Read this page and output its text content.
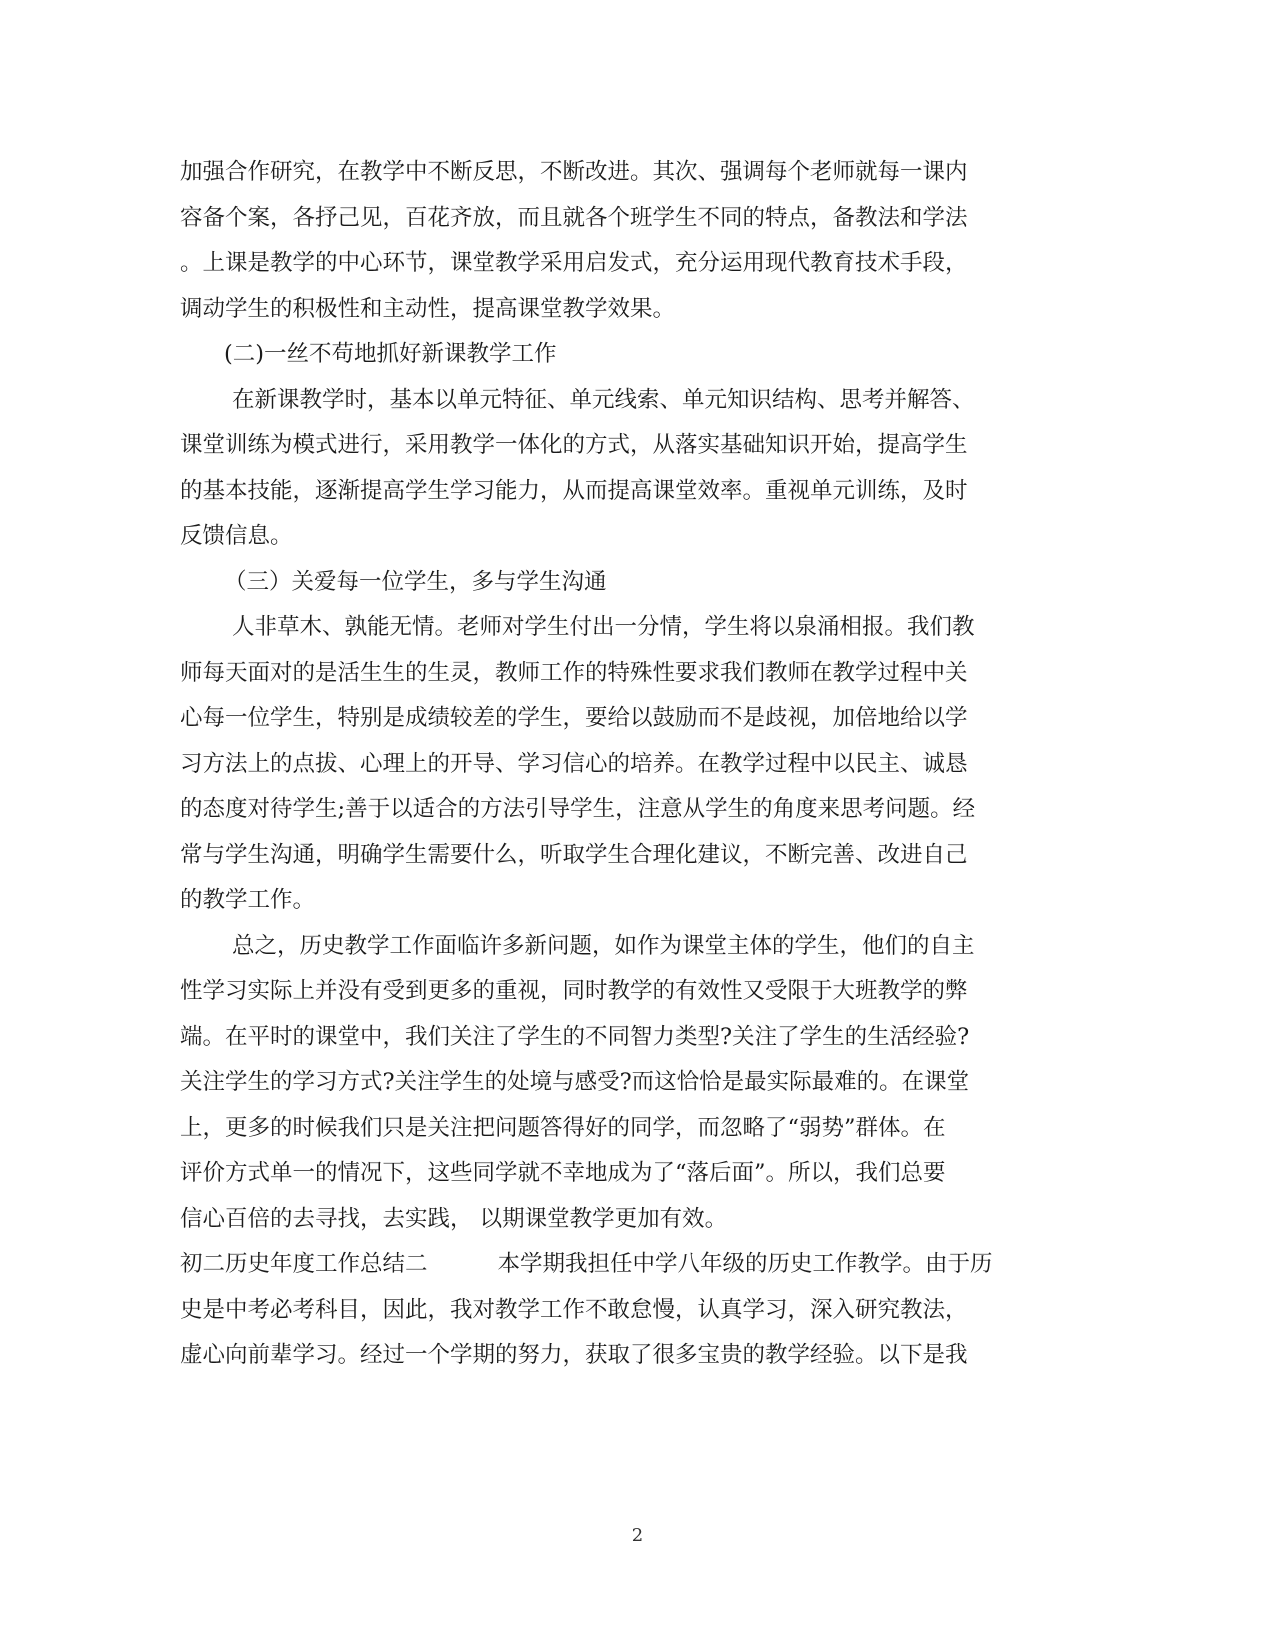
加强合作研究，在教学中不断反思，不断改进。其次、强调每个老师就每一课内
容备个案，各抒己见，百花齐放，而且就各个班学生不同的特点，备教法和学法
。上课是教学的中心环节，课堂教学采用启发式，充分运用现代教育技术手段，
调动学生的积极性和主动性，提高课堂教学效果。
(二)一丝不苟地抓好新课教学工作
在新课教学时，基本以单元特征、单元线索、单元知识结构、思考并解答、
课堂训练为模式进行，采用教学一体化的方式，从落实基础知识开始，提高学生
的基本技能，逐渐提高学生学习能力，从而提高课堂效率。重视单元训练，及时
反馈信息。
（三）关爱每一位学生，多与学生沟通
人非草木、孰能无情。老师对学生付出一分情，学生将以泉涌相报。我们教
师每天面对的是活生生的生灵，教师工作的特殊性要求我们教师在教学过程中关
心每一位学生，特别是成绩较差的学生，要给以鼓励而不是歧视，加倍地给以学
习方法上的点拔、心理上的开导、学习信心的培养。在教学过程中以民主、诚恳
的态度对待学生;善于以适合的方法引导学生，注意从学生的角度来思考问题。经
常与学生沟通，明确学生需要什么，听取学生合理化建议，不断完善、改进自己
的教学工作。
总之，历史教学工作面临许多新问题，如作为课堂主体的学生，他们的自主
性学习实际上并没有受到更多的重视，同时教学的有效性又受限于大班教学的弊
端。在平时的课堂中，我们关注了学生的不同智力类型?关注了学生的生活经验?
关注学生的学习方式?关注学生的处境与感受?而这恰恰是最实际最难的。在课堂
上，更多的时候我们只是关注把问题答得好的同学，而忽略了“弱势”群体。在
评价方式单一的情况下，这些同学就不幸地成为了“落后面”。所以，我们总要
信心百倍的去寻找，去实践， 以期课堂教学更加有效。
初二历史年度工作总结二	本学期我担任中学八年级的历史工作教学。由于历
史是中考必考科目，因此，我对教学工作不敢怠慢，认真学习，深入研究教法，
虚心向前辈学习。经过一个学期的努力，获取了很多宝贵的教学经验。以下是我
2
